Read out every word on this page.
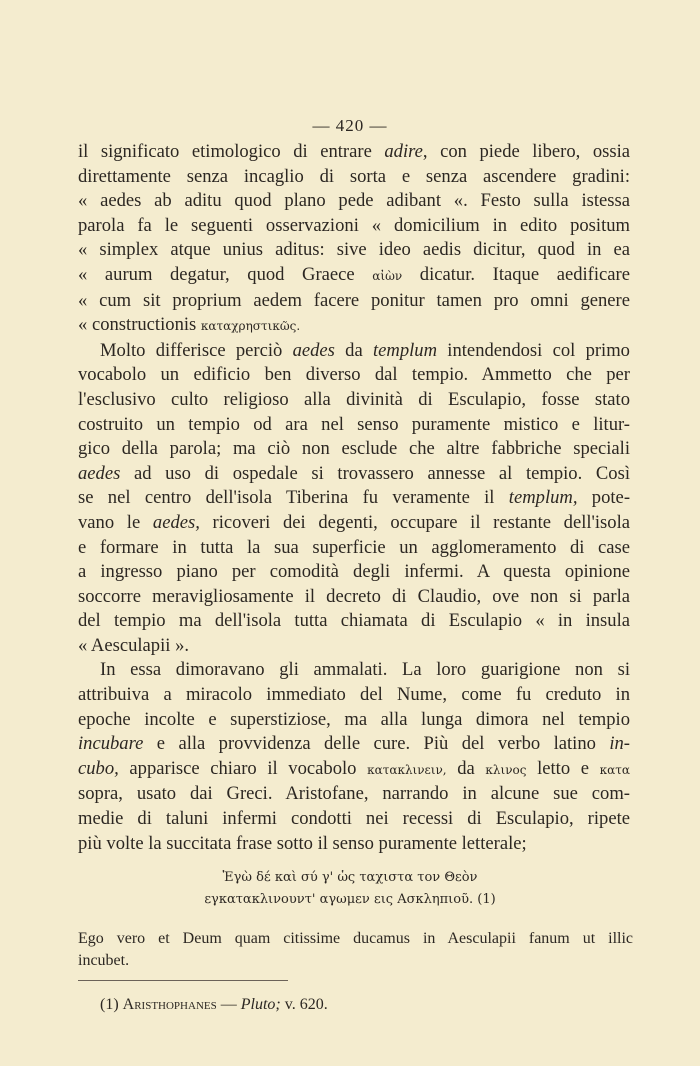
— 420 —
il significato etimologico di entrare adire, con piede libero, ossia
direttamente senza incaglio di sorta e senza ascendere gradini:
« aedes ab aditu quod plano pede adibant «. Festo sulla istessa
parola fa le seguenti osservazioni « domicilium in edito positum
« simplex atque unius aditus: sive ideo aedis dicitur, quod in ea
« aurum degatur, quod Graece αἰὼν dicatur. Itaque aedificare
« cum sit proprium aedem facere ponitur tamen pro omni genere
« constructionis καταχρηστικῶς.
Molto differisce perciò aedes da templum intendendosi col primo
vocabolo un edificio ben diverso dal tempio. Ammetto che per
l'esclusivo culto religioso alla divinità di Esculapio, fosse stato
costruito un tempio od ara nel senso puramente mistico e litur-
gico della parola; ma ciò non esclude che altre fabbriche speciali
aedes ad uso di ospedale si trovassero annesse al tempio. Così
se nel centro dell'isola Tiberina fu veramente il templum, pote-
vano le aedes, ricoveri dei degenti, occupare il restante dell'isola
e formare in tutta la sua superficie un agglomeramento di case
a ingresso piano per comodità degli infermi. A questa opinione
soccorre meravigliosamente il decreto di Claudio, ove non si parla
del tempio ma dell'isola tutta chiamata di Esculapio « in insula
« Aesculapii ».
In essa dimoravano gli ammalati. La loro guarigione non si
attribuiva a miracolo immediato del Nume, come fu creduto in
epoche incolte e superstiziose, ma alla lunga dimora nel tempio
incubare e alla provvidenza delle cure. Più del verbo latino in-
cubo, apparisce chiaro il vocabolo κατακλινειν, da κλινος letto e κατα
sopra, usato dai Greci. Aristofane, narrando in alcune sue com-
medie di taluni infermi condotti nei recessi di Esculapio, ripete
più volte la succitata frase sotto il senso puramente letterale;
Ἐγὼ δέ καὶ σύ γ' ὡς ταχιστα τον Θεὸν
εγκατακλινουντ' αγωμεν εις Ασκληπιοῦ. (1)
Ego vero et Deum quam citissime ducamus in Aesculapii fanum ut illic
incubet.
(1) Aristhophanes — Pluto; v. 620.
